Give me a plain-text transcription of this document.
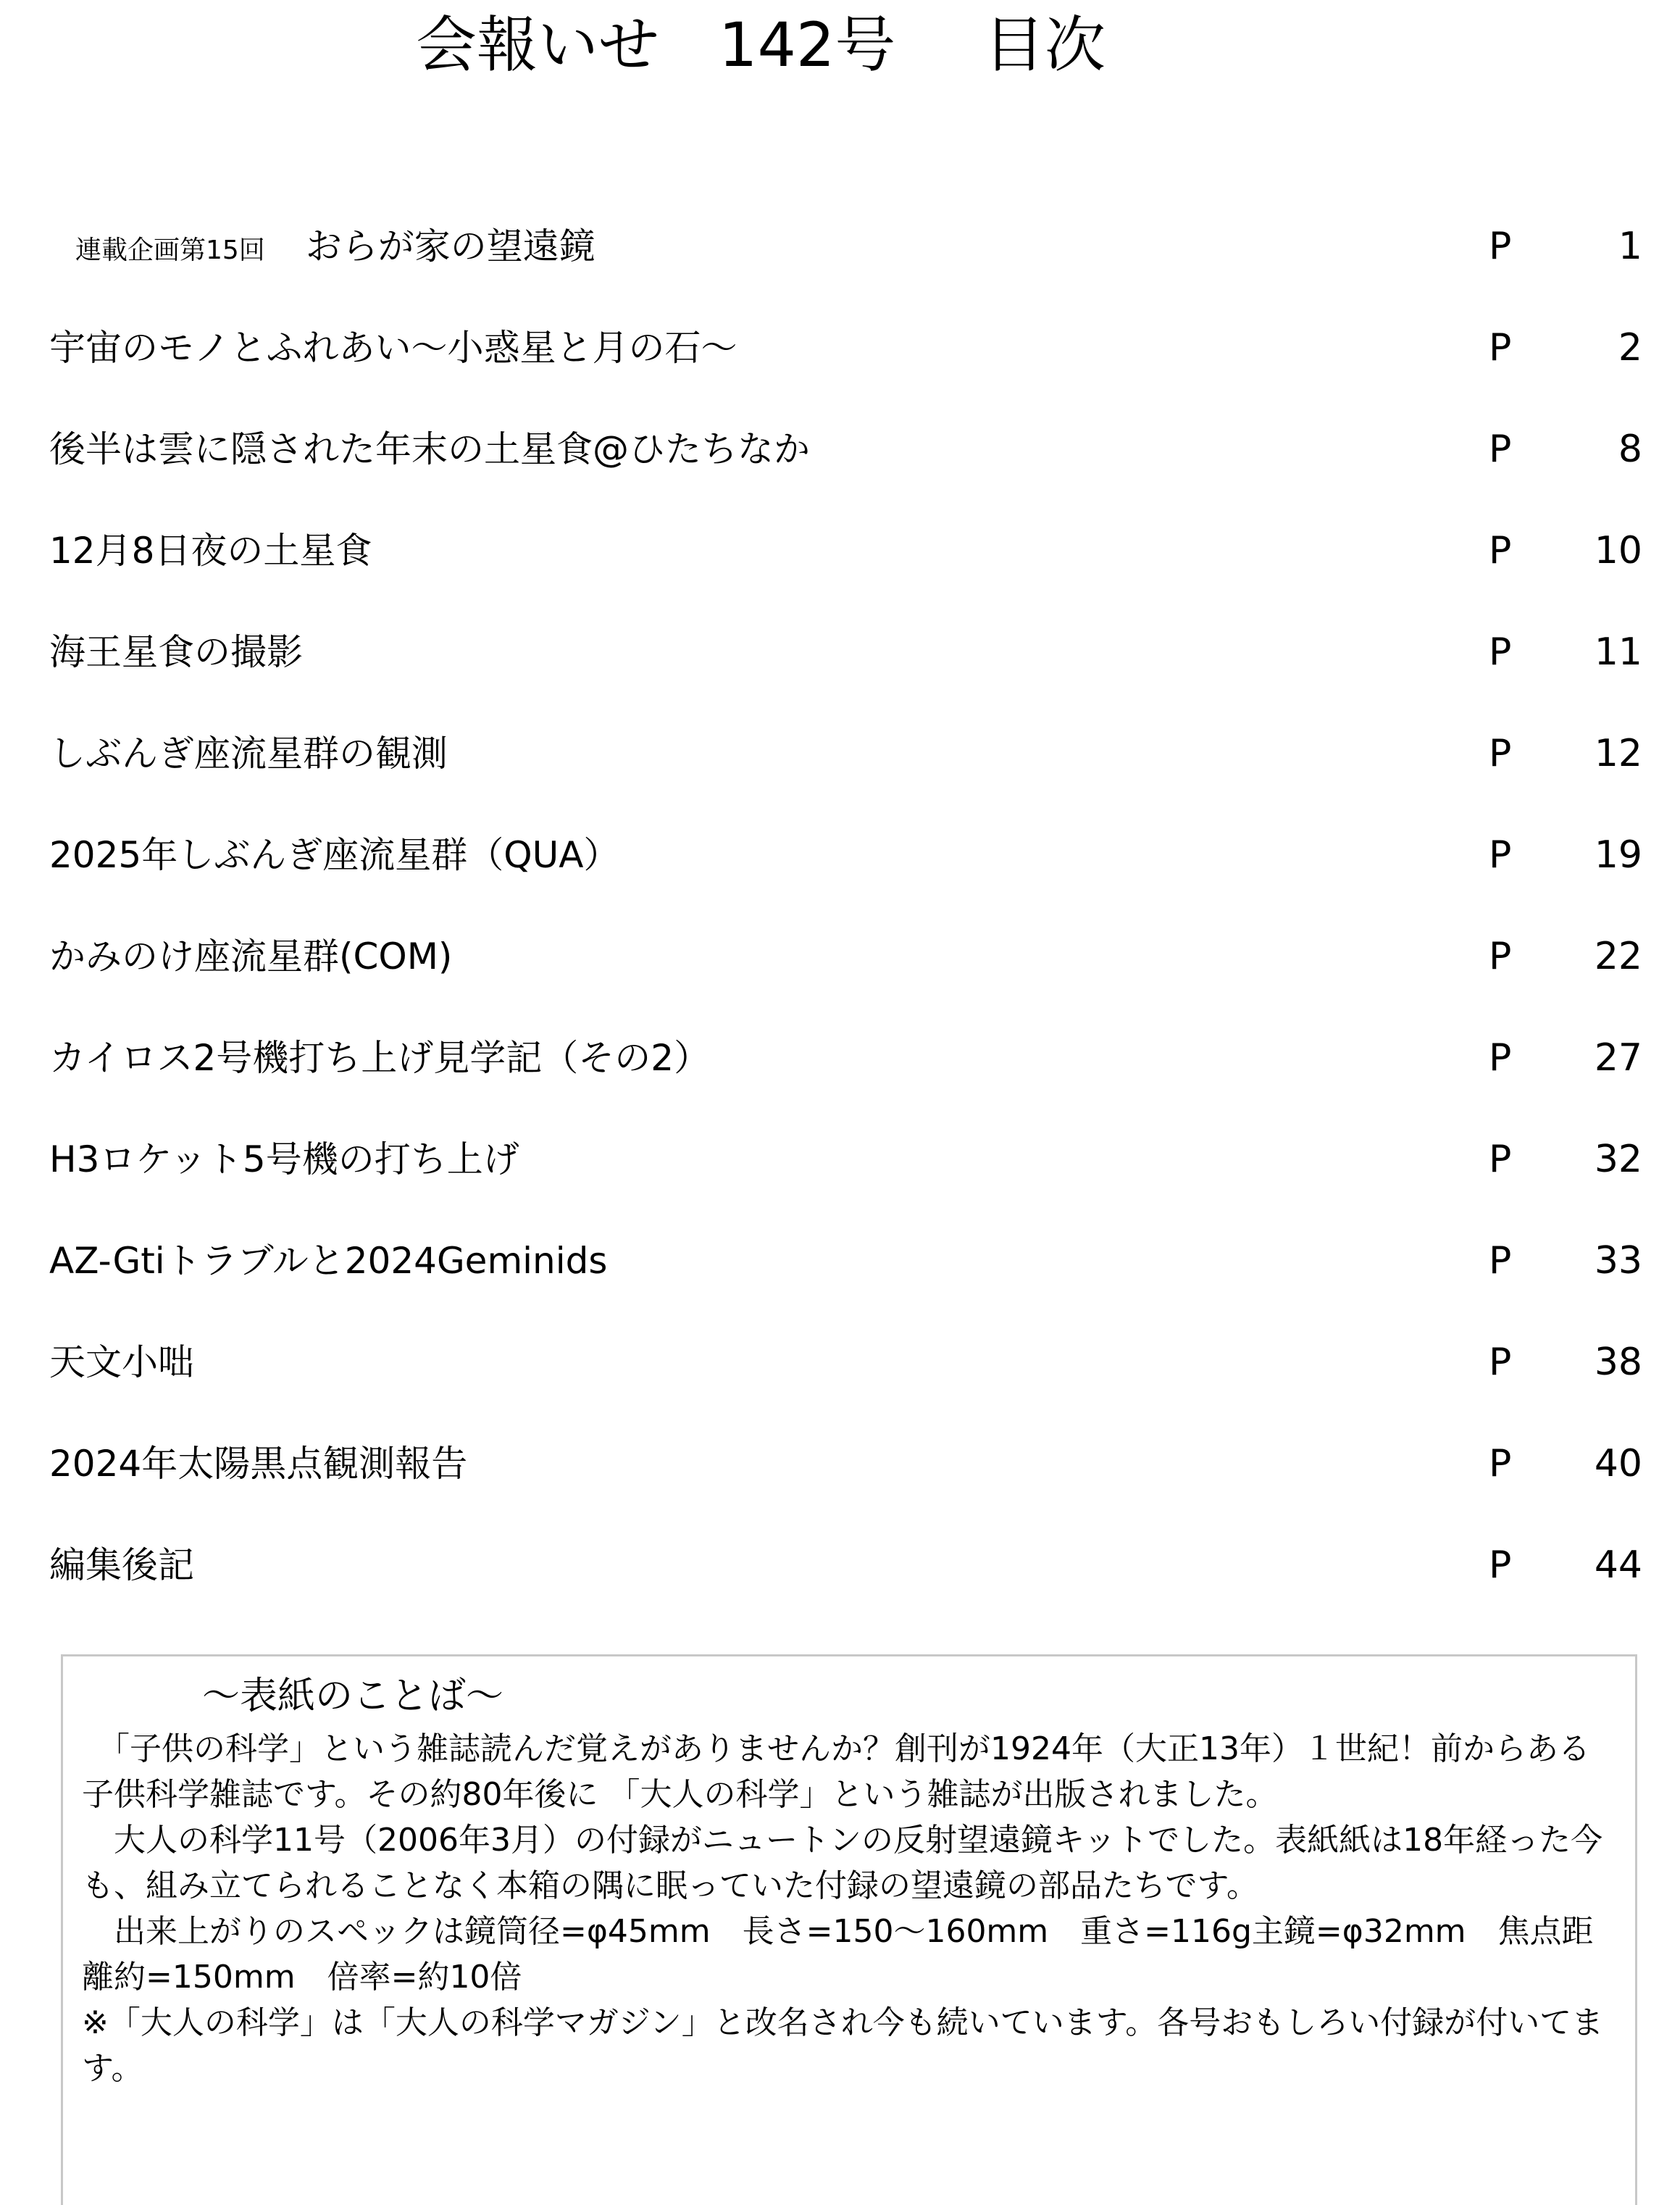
会報いせ 142号 目次
連載企画第15回 おらが家の望遠鏡	P	1
宇宙のモノとふれあい～小惑星と月の石～	P	2
後半は雲に隠された年末の土星食@ひたちなか	P	8
12月8日夜の土星食	P 10
海王星食の撮影	P 11
しぶんぎ座流星群の観測	P 12
2025年しぶんぎ座流星群（QUA）	P 19
かみのけ座流星群(COM)	P 22
カイロス2号機打ち上げ見学記（その2）	P 27
H3ロケット5号機の打ち上げ	P 32
AZ-Gtiトラブルと2024Geminids	P 33
天文小咄	P 38
2024年太陽黒点観測報告	P 40
編集後記	P 44
～表紙のことば～

「子供の科学」という雑誌読んだ覚えがありませんか？創刊が1924年（大正13年）１世紀！前からある子供科学雑誌です。その約80年後に 「大人の科学」という雑誌が出版されました。

大人の科学11号（2006年3月）の付録がニュートンの反射望遠鏡キットでした。表紙紙は18年経った今も、組み立てられることなく本箱の隅に眠っていた付録の望遠鏡の部品たちです。

出来上がりのスペックは鏡筒径=φ45mm　長さ=150～160mm　重さ=116g主鏡=φ32mm　焦点距離約=150mm　倍率=約10倍

※「大人の科学」は「大人の科学マガジン」と改名され今も続いています。各号おもしろい付録が付いてます。
